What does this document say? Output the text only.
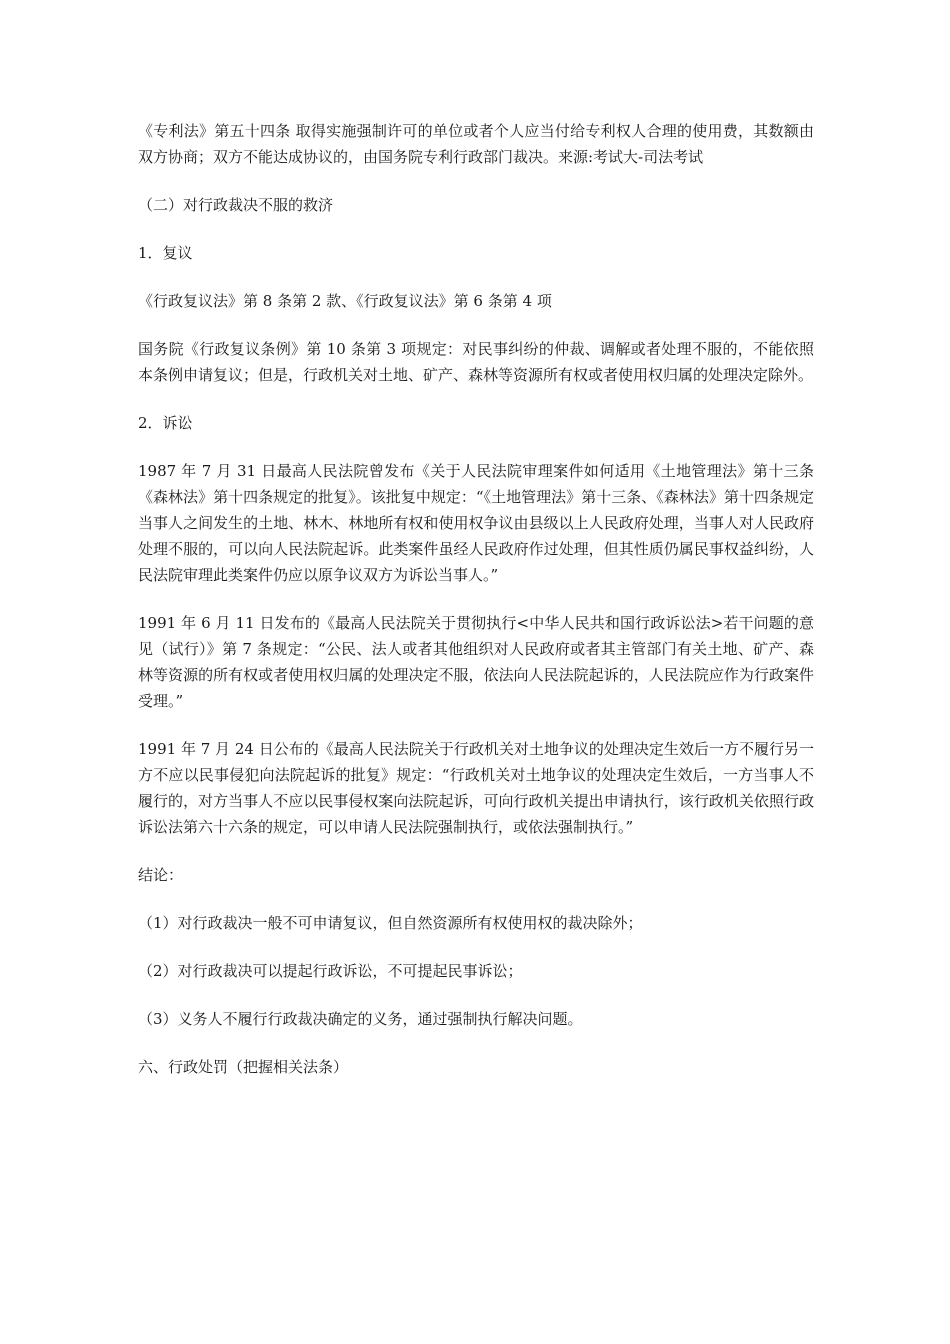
《专利法》第五十四条 取得实施强制许可的单位或者个人应当付给专利权人合理的使用费，其数额由双方协商；双方不能达成协议的，由国务院专利行政部门裁决。来源:考试大-司法考试

（二）对行政裁决不服的救济

1．复议

《行政复议法》第 8 条第 2 款、《行政复议法》第 6 条第 4 项

国务院《行政复议条例》第 10 条第 3 项规定：对民事纠纷的仲裁、调解或者处理不服的，不能依照本条例申请复议；但是，行政机关对土地、矿产、森林等资源所有权或者使用权归属的处理决定除外。

2．诉讼

1987 年 7 月 31 日最高人民法院曾发布《关于人民法院审理案件如何适用《土地管理法》第十三条《森林法》第十四条规定的批复》。该批复中规定：“《土地管理法》第十三条、《森林法》第十四条规定当事人之间发生的土地、林木、林地所有权和使用权争议由县级以上人民政府处理，当事人对人民政府处理不服的，可以向人民法院起诉。此类案件虽经人民政府作过处理，但其性质仍属民事权益纠纷，人民法院审理此类案件仍应以原争议双方为诉讼当事人。”

1991 年 6 月 11 日发布的《最高人民法院关于贯彻执行<中华人民共和国行政诉讼法>若干问题的意见（试行）》第 7 条规定：“公民、法人或者其他组织对人民政府或者其主管部门有关土地、矿产、森林等资源的所有权或者使用权归属的处理决定不服，依法向人民法院起诉的，人民法院应作为行政案件受理。”

1991 年 7 月 24 日公布的《最高人民法院关于行政机关对土地争议的处理决定生效后一方不履行另一方不应以民事侵犯向法院起诉的批复》规定：“行政机关对土地争议的处理决定生效后，一方当事人不履行的，对方当事人不应以民事侵权案向法院起诉，可向行政机关提出申请执行，该行政机关依照行政诉讼法第六十六条的规定，可以申请人民法院强制执行，或依法强制执行。”

结论：

（1）对行政裁决一般不可申请复议，但自然资源所有权使用权的裁决除外；

（2）对行政裁决可以提起行政诉讼，不可提起民事诉讼；

（3）义务人不履行行政裁决确定的义务，通过强制执行解决问题。

六、行政处罚（把握相关法条）
